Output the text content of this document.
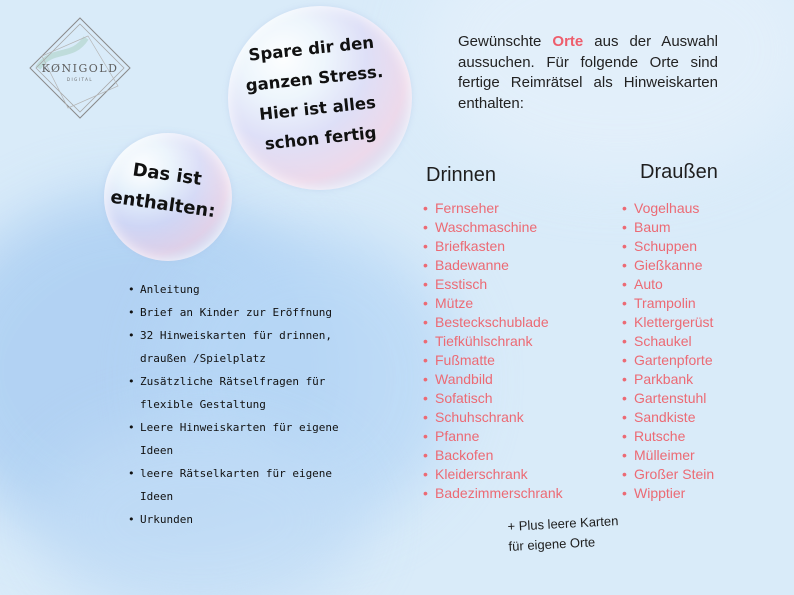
KØNIGOLD
DIGITAL
Spare dir den
ganzen Stress.
Hier ist alles
schon fertig
Das ist
enthalten:
• Anleitung
• Brief an Kinder zur Eröffnung
• 32 Hinweiskarten für drinnen, draußen /Spielplatz
• Zusätzliche Rätselfragen für flexible Gestaltung
• Leere Hinweiskarten für eigene Ideen
• leere Rätselkarten für eigene Ideen
• Urkunden
Gewünschte Orte aus der Auswahl aussuchen. Für folgende Orte sind fertige Reimrätsel als Hinweiskarten enthalten:
Drinnen	Draußen
• Fernseher
• Waschmaschine
• Briefkasten
• Badewanne
• Esstisch
• Mütze
• Besteckschublade
• Tiefkühlschrank
• Fußmatte
• Wandbild
• Sofatisch
• Schuhschrank
• Pfanne
• Backofen
• Kleiderschrank
• Badezimmerschrank
• Vogelhaus
• Baum
• Schuppen
• Gießkanne
• Auto
• Trampolin
• Klettergerüst
• Schaukel
• Gartenpforte
• Parkbank
• Gartenstuhl
• Sandkiste
• Rutsche
• Mülleimer
• Großer Stein
• Wipptier
+ Plus leere Karten
für eigene Orte
